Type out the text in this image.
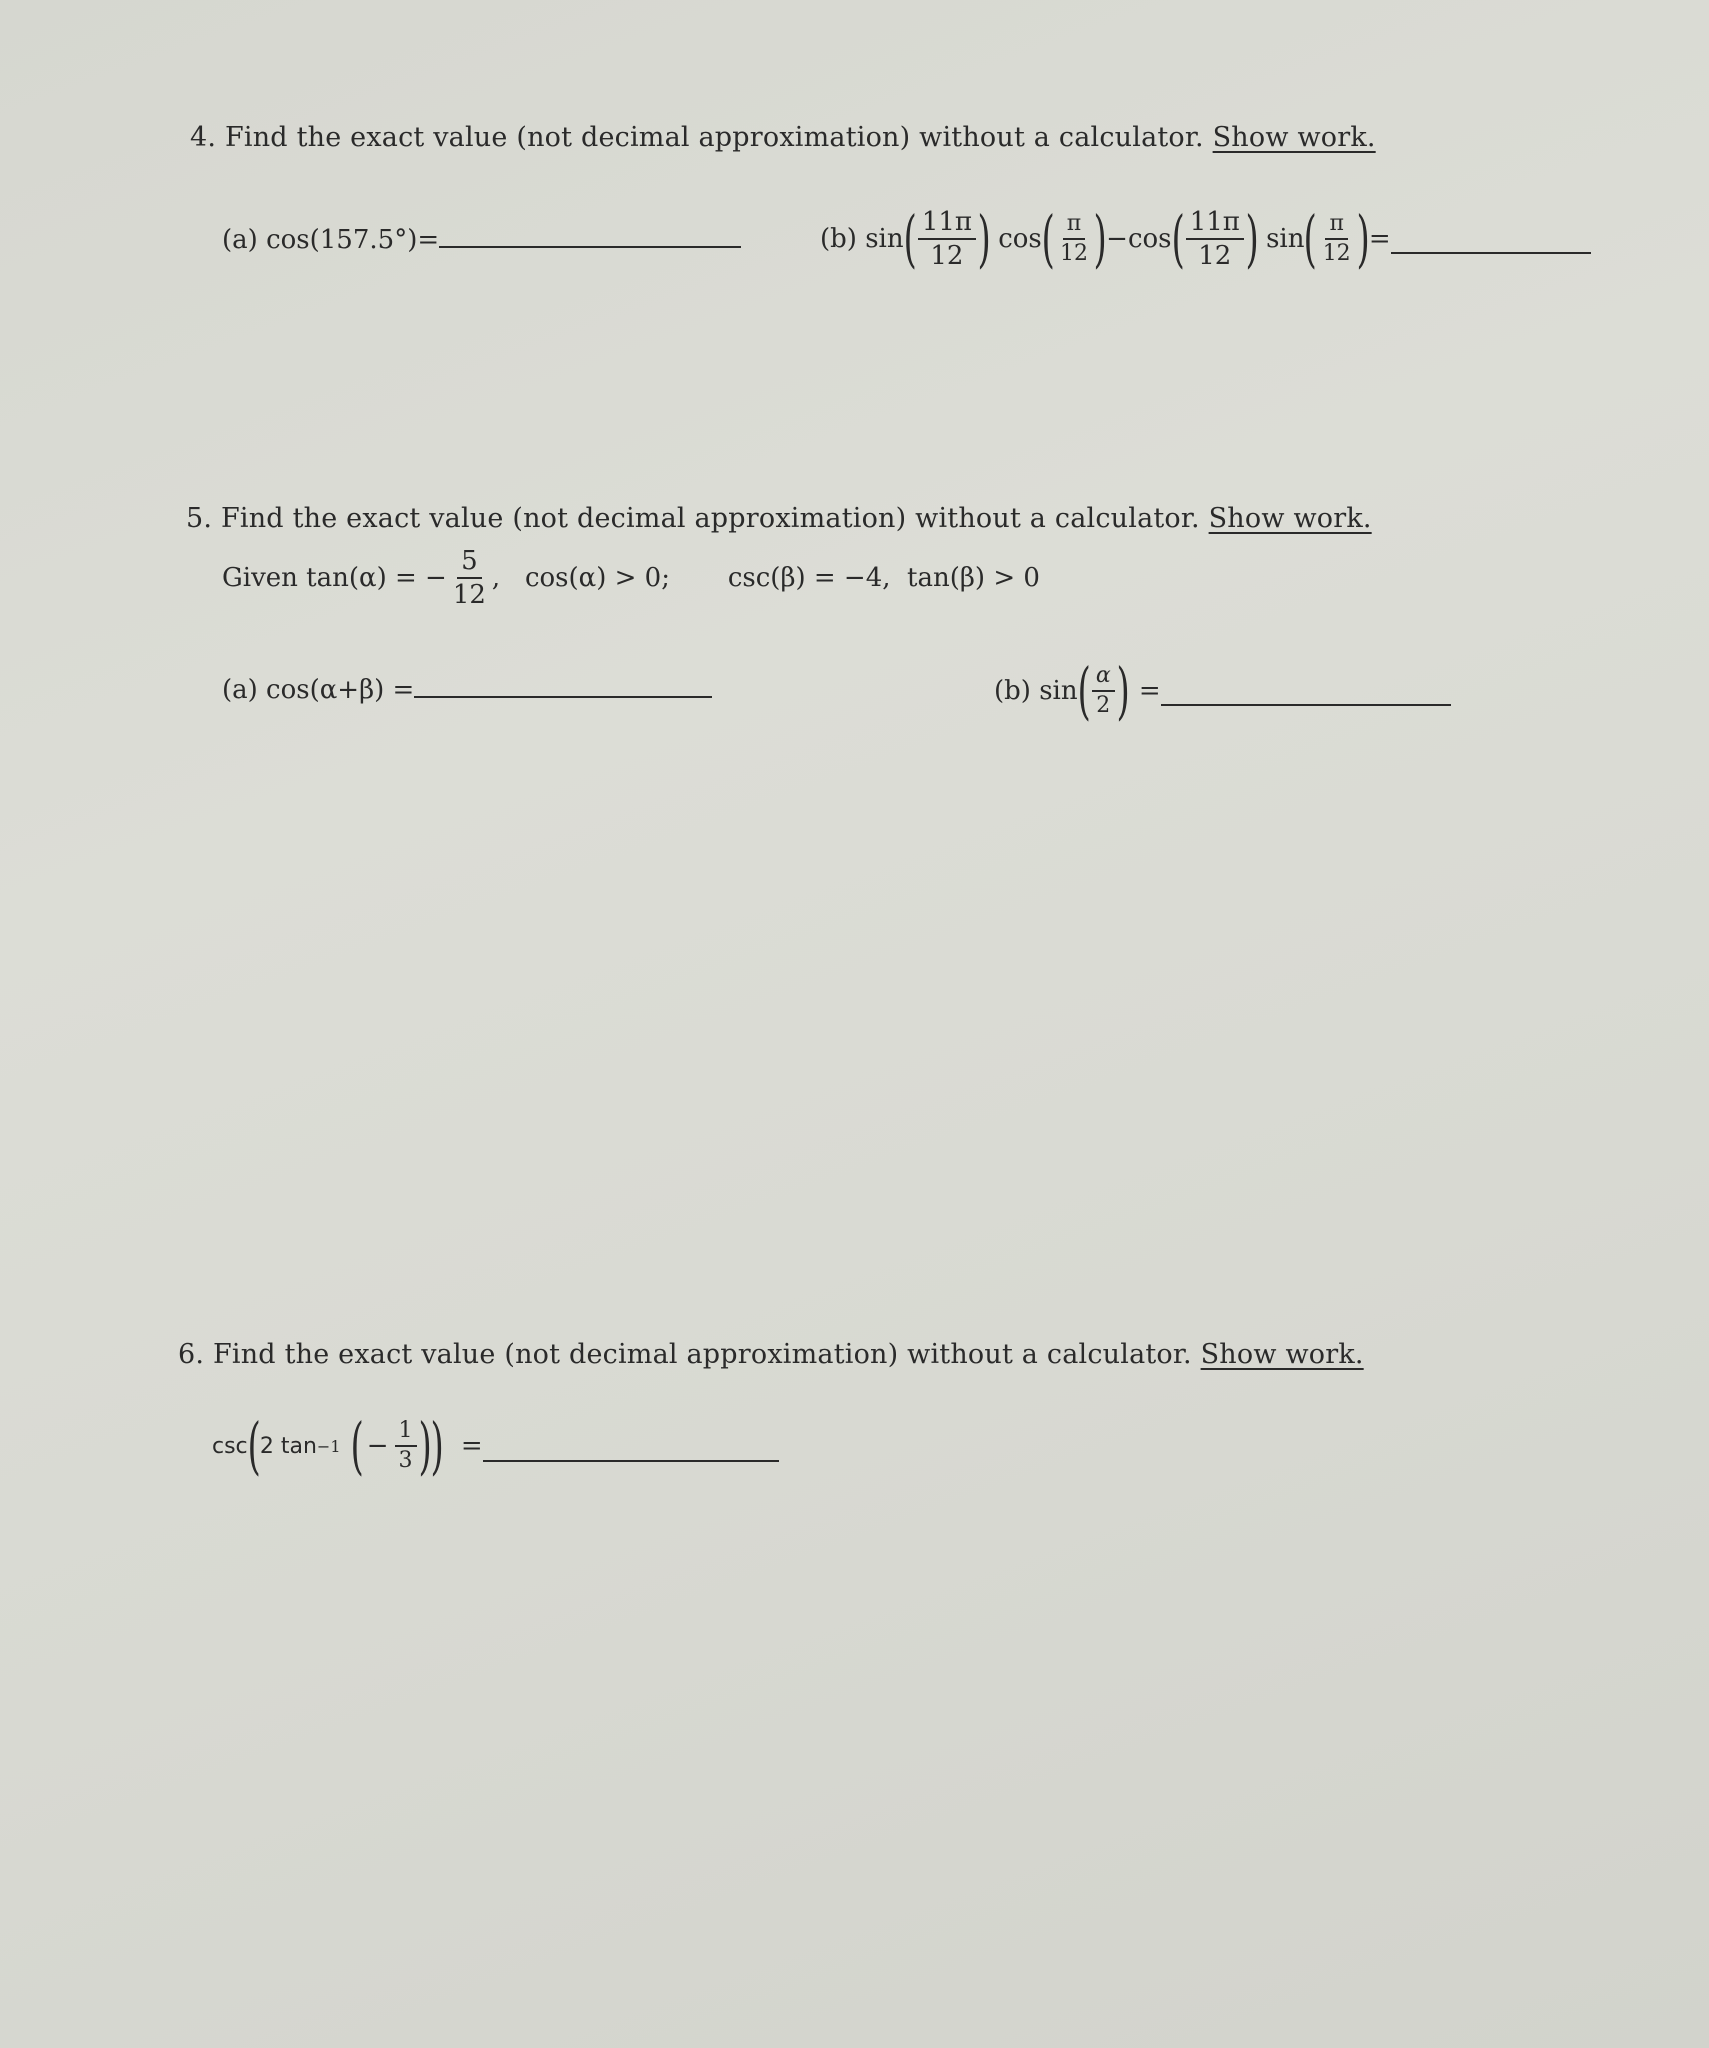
4. Find the exact value (not decimal approximation) without a calculator. Show work.
(a) cos(157.5°)=	(b) sin ( $\frac{11\pi}{12}$ ) cos ( $\frac{\pi}{12}$ ) −cos ( $\frac{11\pi}{12}$ ) sin ( $\frac{\pi}{12}$ ) =
5. Find the exact value (not decimal approximation) without a calculator. Show work.
Given tan(α) = − $\frac{5}{12}$ ,   cos(α) > 0;       csc(β) = −4,  tan(β) > 0
(a) cos(α+β) =	(b) sin ( $\frac{\alpha}{2}$ ) =
6. Find the exact value (not decimal approximation) without a calculator. Show work.
csc ( 2 tan −1 ( − $\frac{1}{3}$ )
) =
